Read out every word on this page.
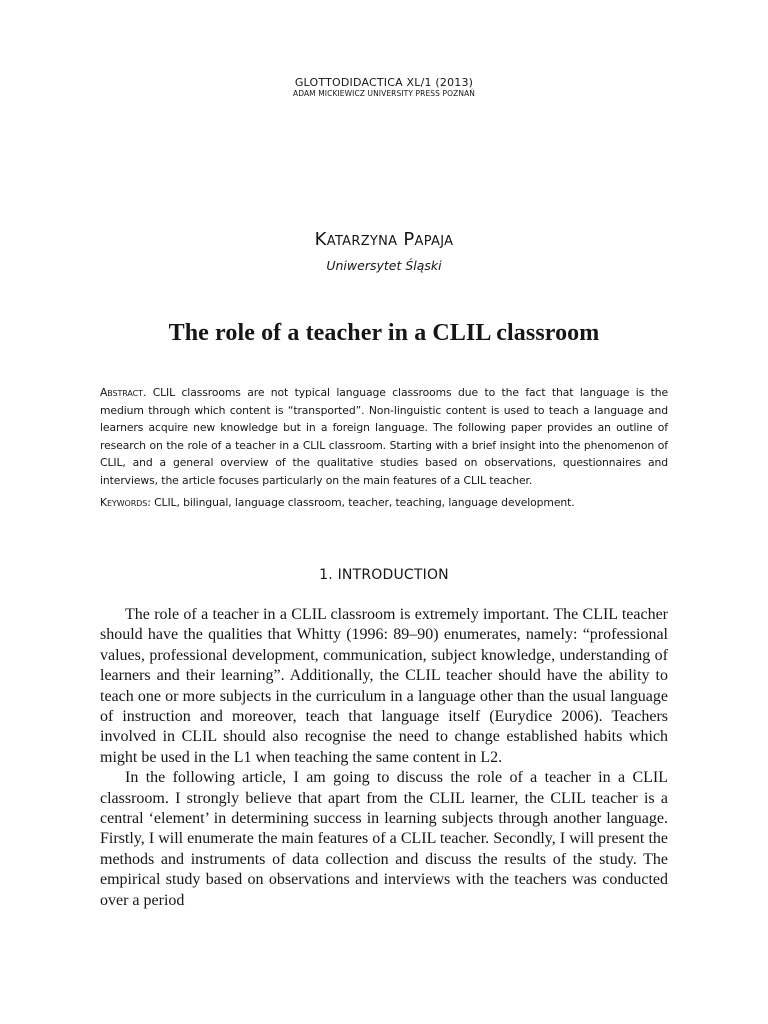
GLOTTODIDACTICA XL/1 (2013)
ADAM MICKIEWICZ UNIVERSITY PRESS POZNAŃ
Katarzyna Papaja
Uniwersytet Śląski
The role of a teacher in a CLIL classroom
Abstract. CLIL classrooms are not typical language classrooms due to the fact that language is the medium through which content is “transported”. Non-linguistic content is used to teach a language and learners acquire new knowledge but in a foreign language. The following paper provides an outline of research on the role of a teacher in a CLIL classroom. Starting with a brief insight into the phenomenon of CLIL, and a general overview of the qualitative studies based on observations, questionnaires and interviews, the article focuses particularly on the main features of a CLIL teacher.
Keywords: CLIL, bilingual, language classroom, teacher, teaching, language development.
1. INTRODUCTION

The role of a teacher in a CLIL classroom is extremely important. The CLIL teacher should have the qualities that Whitty (1996: 89–90) enumerates, namely: “professional values, professional development, communication, subject knowledge, understanding of learners and their learning”. Additionally, the CLIL teacher should have the ability to teach one or more subjects in the curriculum in a language other than the usual language of instruction and moreover, teach that language itself (Eurydice 2006). Teachers involved in CLIL should also recognise the need to change established habits which might be used in the L1 when teaching the same content in L2.

In the following article, I am going to discuss the role of a teacher in a CLIL classroom. I strongly believe that apart from the CLIL learner, the CLIL teacher is a central ‘element’ in determining success in learning subjects through another language. Firstly, I will enumerate the main features of a CLIL teacher. Secondly, I will present the methods and instruments of data collection and discuss the results of the study. The empirical study based on observations and interviews with the teachers was conducted over a period
